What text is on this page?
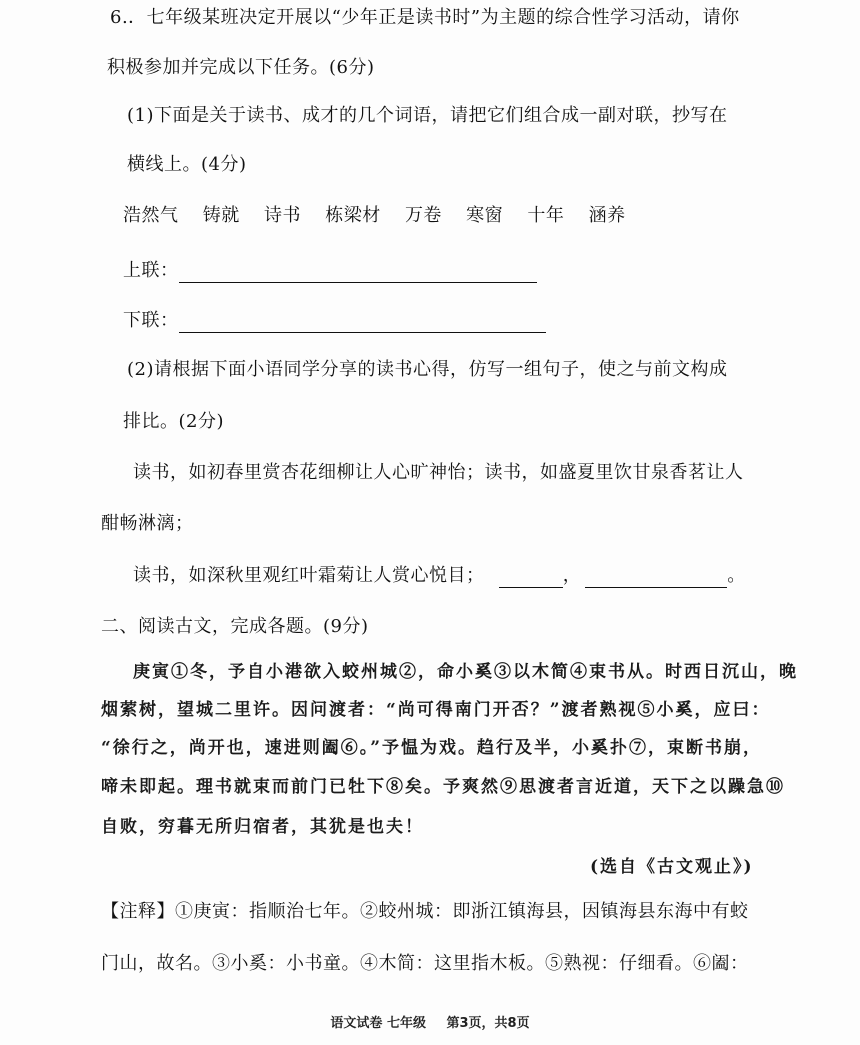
6.．七年级某班决定开展以“少年正是读书时”为主题的综合性学习活动，请你
积极参加并完成以下任务。(6分)
(1)下面是关于读书、成才的几个词语，请把它们组合成一副对联，抄写在
横线上。(4分)
浩然气 铸就 诗书 栋梁材 万卷 寒窗 十年 涵养
上联：
下联：
(2)请根据下面小语同学分享的读书心得，仿写一组句子，使之与前文构成
排比。(2分)
读书，如初春里赏杏花细柳让人心旷神怡；读书，如盛夏里饮甘泉香茗让人
酣畅淋漓；
读书，如深秋里观红叶霜菊让人赏心悦目；	，	。
二、阅读古文，完成各题。(9分)
庚寅①冬，予自小港欲入蛟州城②，命小奚③以木简④束书从。时西日沉山，晚
烟萦树，望城二里许。因问渡者：“尚可得南门开否？”渡者熟视⑤小奚，应曰：
“徐行之，尚开也，速进则阖⑥。”予愠为戏。趋行及半，小奚扑⑦，束断书崩，
啼未即起。理书就束而前门已牡下⑧矣。予爽然⑨思渡者言近道，天下之以躁急⑩
自败，穷暮无所归宿者，其犹是也夫！
(选自《古文观止》)
【注释】①庚寅：指顺治七年。②蛟州城：即浙江镇海县，因镇海县东海中有蛟
门山，故名。③小奚：小书童。④木简：这里指木板。⑤熟视：仔细看。⑥阖：
语文试卷 七年级 第3页，共8页
